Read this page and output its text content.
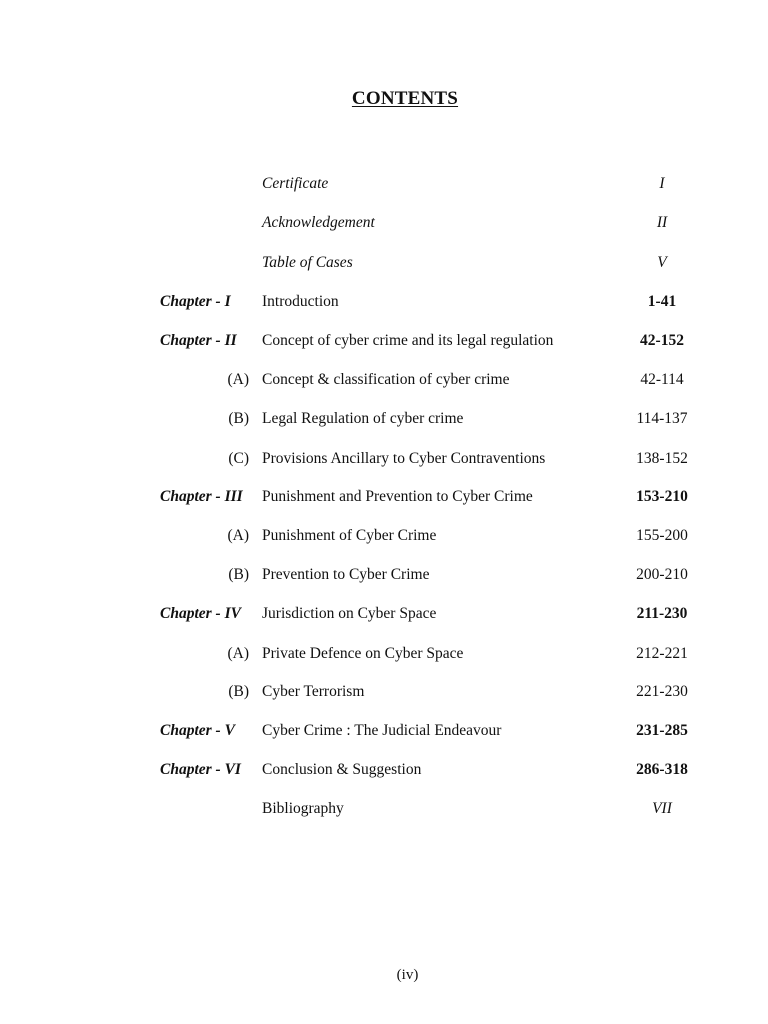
CONTENTS
Certificate	I
Acknowledgement	II
Table of Cases	V
Chapter - I	Introduction	1-41
Chapter - II	Concept of cyber crime and its legal regulation	42-152
(A) Concept & classification of cyber crime	42-114
(B) Legal Regulation of cyber crime	114-137
(C) Provisions Ancillary to Cyber Contraventions	138-152
Chapter - III	Punishment and Prevention to Cyber Crime	153-210
(A) Punishment of Cyber Crime	155-200
(B) Prevention to Cyber Crime	200-210
Chapter - IV	Jurisdiction on Cyber Space	211-230
(A) Private Defence on Cyber Space	212-221
(B) Cyber Terrorism	221-230
Chapter - V	Cyber Crime : The Judicial Endeavour	231-285
Chapter - VI	Conclusion & Suggestion	286-318
Bibliography	VII
(iv)
